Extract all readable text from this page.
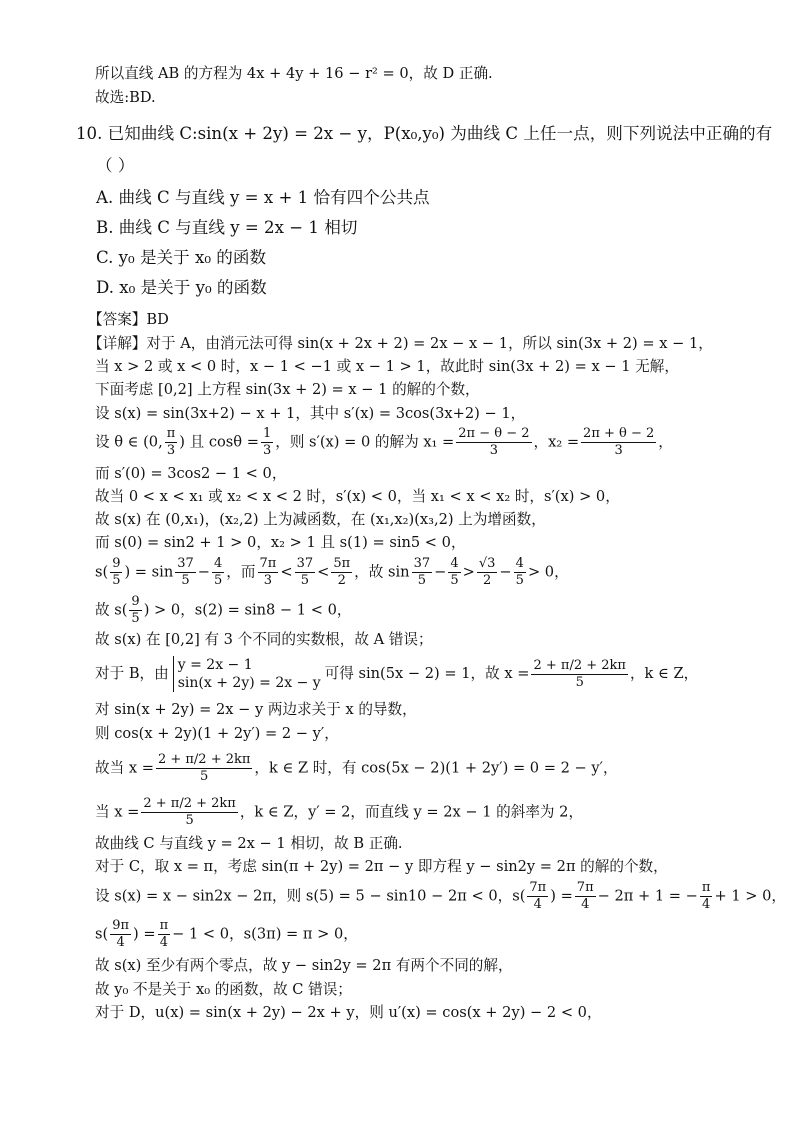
所以直线 AB 的方程为 4x + 4y + 16 − r² = 0，故 D 正确.
故选:BD.
10. 已知曲线 C:sin(x + 2y) = 2x − y，P(x₀,y₀) 为曲线 C 上任一点，则下列说法中正确的有
（ ）
A. 曲线 C 与直线 y = x + 1 恰有四个公共点
B. 曲线 C 与直线 y = 2x − 1 相切
C. y₀ 是关于 x₀ 的函数
D. x₀ 是关于 y₀ 的函数
【答案】BD
【详解】对于 A，由消元法可得 sin(x + 2x + 2) = 2x − x − 1，所以 sin(3x + 2) = x − 1，
当 x > 2 或 x < 0 时，x − 1 < −1 或 x − 1 > 1，故此时 sin(3x + 2) = x − 1 无解，
下面考虑 [0,2] 上方程 sin(3x + 2) = x − 1 的解的个数，
设 s(x) = sin(3x+2) − x + 1，其中 s′(x) = 3cos(3x+2) − 1，
设 θ ∈ (0, $\frac{\pi}{3}$ ) 且 $\cos\theta = \frac{1}{3}$ ，则 s′(x) = 0 的解为 $x_1 = \frac{2\pi - \theta - 2}{3}$ ，$x_2 = \frac{2\pi + \theta - 2}{3}$ ，
而 s′(0) = 3cos2 − 1 < 0，
故当 0 < x < x₁ 或 x₂ < x < 2 时，s′(x) < 0，当 x₁ < x < x₂ 时，s′(x) > 0，
故 s(x) 在 (0,x₁)，(x₂,2) 上为减函数，在 (x₁,x₂)(x₃,2) 上为增函数，
而 s(0) = sin2 + 1 > 0，x₂ > 1 且 s(1) = sin5 < 0，
$s( \frac{9}{5}$ ) = $\sin \frac{37}{5} - \frac{4}{5}$ ，而 $\frac{7\pi}{3} < \frac{37}{5} < \frac{5\pi}{2}$ ，故 $\sin \frac{37}{5} - \frac{4}{5} > \frac{√3}{2} - \frac{4}{5} > 0$，
故 $s( \frac{9}{5}$ ) > 0，s(2) = sin8 − 1 < 0，
故 s(x) 在 [0,2] 有 3 个不同的实数根，故 A 错误；
对于 B，由 y = 2x − 1
sin(x + 2y) = 2x − y
可得 sin(5x − 2) = 1，故 $x = \frac{2 + \pi/2 + 2k\pi}{5}$ ，k ∈ Z，
对 sin(x + 2y) = 2x − y 两边求关于 x 的导数，
则 cos(x + 2y)(1 + 2y′) = 2 − y′，
故当 $x = \frac{2 + \pi/2 + 2k\pi}{5}$ ，k ∈ Z 时，有 cos(5x − 2)(1 + 2y′) = 0 = 2 − y′，
当 $x = \frac{2 + \pi/2 + 2k\pi}{5}$ ，k ∈ Z，y′ = 2，而直线 y = 2x − 1 的斜率为 2，
故曲线 C 与直线 y = 2x − 1 相切，故 B 正确.
对于 C，取 x = π，考虑 sin(π + 2y) = 2π − y 即方程 y − sin2y = 2π 的解的个数，
设 s(x) = x − sin2x − 2π，则 s(5) = 5 − sin10 − 2π < 0，$s( \frac{7\pi}{4}$ ) = $\frac{7\pi}{4} - 2\pi + 1$ = − $\frac{\pi}{4} + 1 > 0$，
$s( \frac{9\pi}{4}$ ) = $\frac{\pi}{4} - 1 < 0$，s(3π) = π > 0，
故 s(x) 至少有两个零点，故 y − sin2y = 2π 有两个不同的解，
故 y₀ 不是关于 x₀ 的函数，故 C 错误；
对于 D，u(x) = sin(x + 2y) − 2x + y，则 u′(x) = cos(x + 2y) − 2 < 0，
